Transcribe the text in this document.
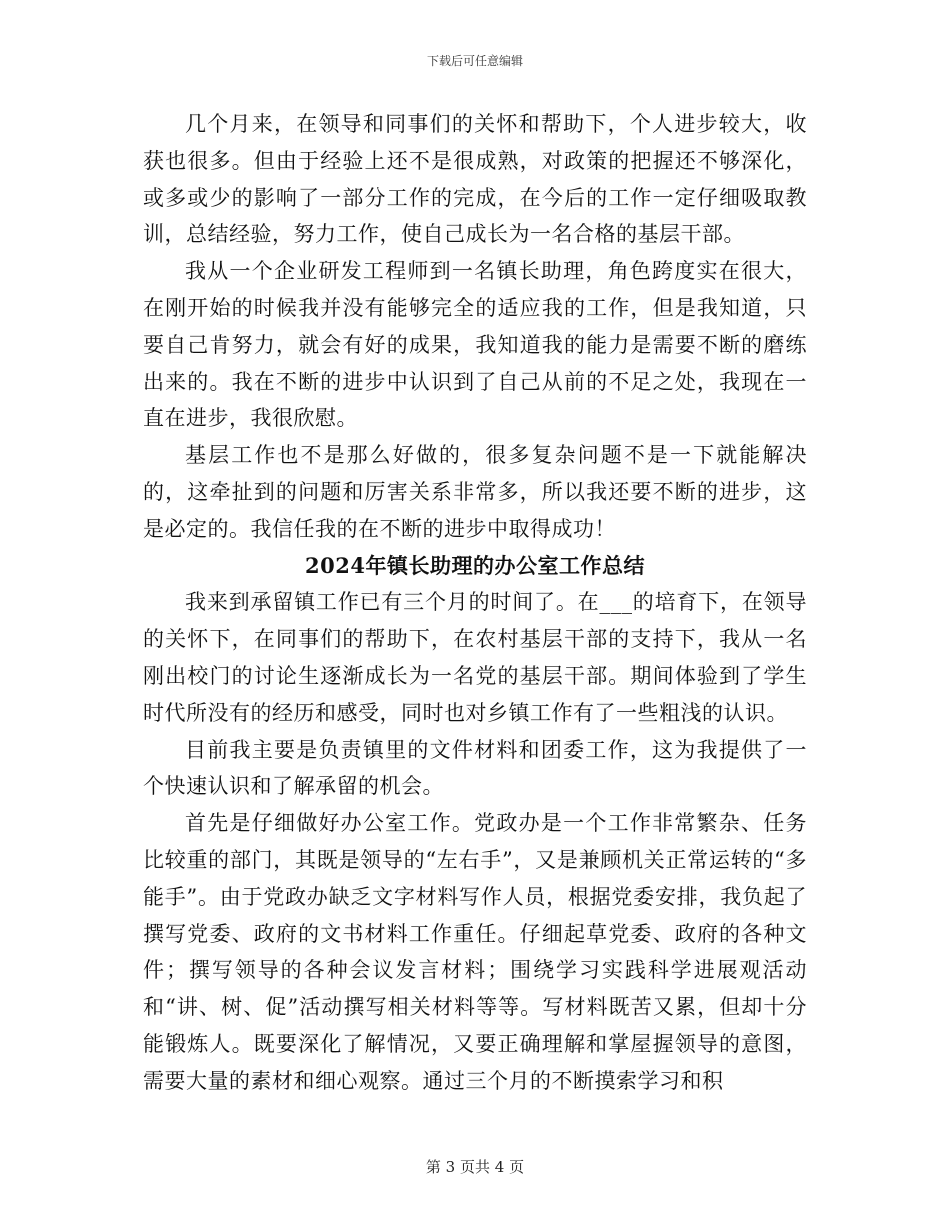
下载后可任意编辑

几个月来，在领导和同事们的关怀和帮助下，个人进步较大，收获也很多。但由于经验上还不是很成熟，对政策的把握还不够深化，或多或少的影响了一部分工作的完成，在今后的工作一定仔细吸取教训，总结经验，努力工作，使自己成长为一名合格的基层干部。

我从一个企业研发工程师到一名镇长助理，角色跨度实在很大，在刚开始的时候我并没有能够完全的适应我的工作，但是我知道，只要自己肯努力，就会有好的成果，我知道我的能力是需要不断的磨练出来的。我在不断的进步中认识到了自己从前的不足之处，我现在一直在进步，我很欣慰。

基层工作也不是那么好做的，很多复杂问题不是一下就能解决的，这牵扯到的问题和厉害关系非常多，所以我还要不断的进步，这是必定的。我信任我的在不断的进步中取得成功！

2024年镇长助理的办公室工作总结

我来到承留镇工作已有三个月的时间了。在___的培育下，在领导的关怀下，在同事们的帮助下，在农村基层干部的支持下，我从一名刚出校门的讨论生逐渐成长为一名党的基层干部。期间体验到了学生时代所没有的经历和感受，同时也对乡镇工作有了一些粗浅的认识。

目前我主要是负责镇里的文件材料和团委工作，这为我提供了一个快速认识和了解承留的机会。

首先是仔细做好办公室工作。党政办是一个工作非常繁杂、任务比较重的部门，其既是领导的“左右手”，又是兼顾机关正常运转的“多能手”。由于党政办缺乏文字材料写作人员，根据党委安排，我负起了撰写党委、政府的文书材料工作重任。仔细起草党委、政府的各种文件；撰写领导的各种会议发言材料；围绕学习实践科学进展观活动和“讲、树、促”活动撰写相关材料等等。写材料既苦又累，但却十分能锻炼人。既要深化了解情况，又要正确理解和掌屋握领导的意图，需要大量的素材和细心观察。通过三个月的不断摸索学习和积

第 3 页共 4 页
